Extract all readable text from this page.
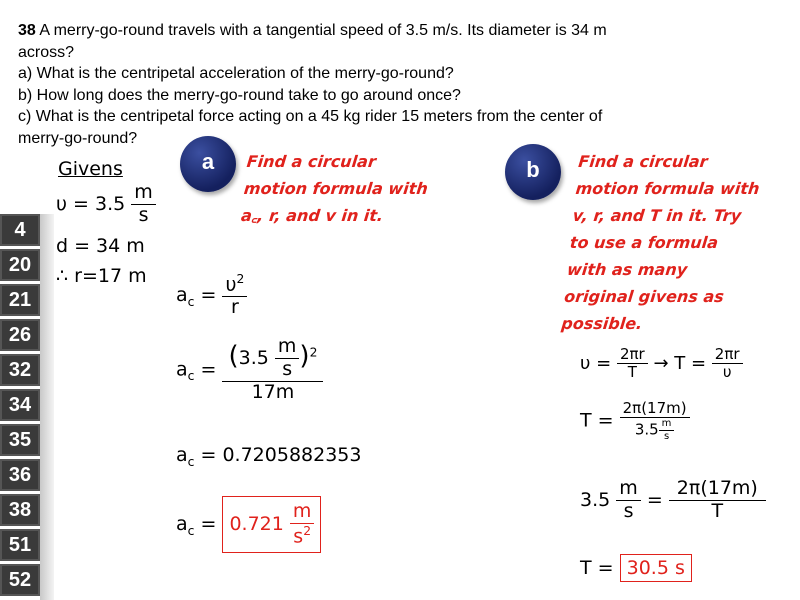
38 A merry-go-round travels with a tangential speed of 3.5 m/s. Its diameter is 34 m
across?
a) What is the centripetal acceleration of the merry-go-round?
b) How long does the merry-go-round take to go around once?
c) What is the centripetal force acting on a 45 kg rider 15 meters from the center of
merry-go-round?
Givens
$\upsilon = 3.5 \frac{m}{s}$
d = 34 m
∴ r=17 m
4
20
21
26
32
34
35
36
38
51
52
a	Find a circular
motion formula with
a꜀, r, and v in it.
$a_c = \frac{\upsilon^2}{r}$
$a_c = \frac{(3.5 \frac{m}{s} )^2}{17m}$
$a_c = 0.7205882353$
$a_c = 0.721 \frac{m}{s^2}$
b	Find a circular
motion formula with
v, r, and T in it. Try
to use a formula
with as many
original givens as
possible.
$\upsilon = \frac{2\pi r}{T} \to T = \frac{2\pi r}{\upsilon}$
$T = \frac{2\pi(17m)}{3.5 \frac{m}{s}}$
$3.5 \frac{m}{s} = \frac{2\pi(17m)}{T}$
T = 30.5 s
